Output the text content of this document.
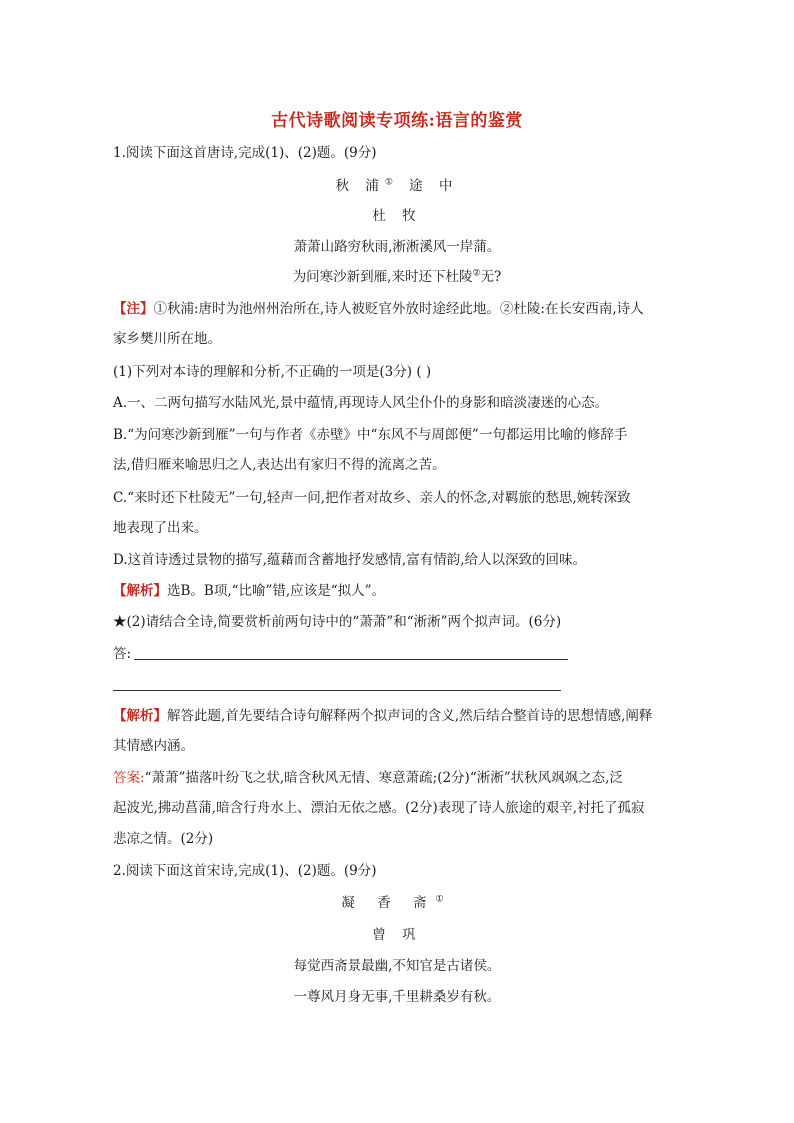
古代诗歌阅读专项练:语言的鉴赏
1.阅读下面这首唐诗,完成(1)、(2)题。(9分)
秋 浦① 途 中
杜 牧
萧萧山路穷秋雨,淅淅溪风一岸蒲。
为问寒沙新到雁,来时还下杜陵②无?
【注】①秋浦:唐时为池州州治所在,诗人被贬官外放时途经此地。②杜陵:在长安西南,诗人
家乡樊川所在地。
(1)下列对本诗的理解和分析,不正确的一项是(3分) ( )
A.一、二两句描写水陆风光,景中蕴情,再现诗人风尘仆仆的身影和暗淡凄迷的心态。
B.“为问寒沙新到雁”一句与作者《赤壁》中“东风不与周郎便”一句都运用比喻的修辞手
法,借归雁来喻思归之人,表达出有家归不得的流离之苦。
C.“来时还下杜陵无”一句,轻声一问,把作者对故乡、亲人的怀念,对羁旅的愁思,婉转深致
地表现了出来。
D.这首诗透过景物的描写,蕴藉而含蓄地抒发感情,富有情韵,给人以深致的回味。
【解析】选B。B项,“比喻”错,应该是“拟人”。
★(2)请结合全诗,简要赏析前两句诗中的“萧萧”和“淅淅”两个拟声词。(6分)
答:
【解析】解答此题,首先要结合诗句解释两个拟声词的含义,然后结合整首诗的思想情感,阐释
其情感内涵。
答案:“萧萧”描落叶纷飞之状,暗含秋风无情、寒意萧疏;(2分)“淅淅”状秋风飒飒之态,泛
起波光,拂动菖蒲,暗含行舟水上、漂泊无依之感。(2分)表现了诗人旅途的艰辛,衬托了孤寂
悲凉之情。(2分)
2.阅读下面这首宋诗,完成(1)、(2)题。(9分)
凝 香 斋①
曾 巩
每觉西斋景最幽,不知官是古诸侯。
一尊风月身无事,千里耕桑岁有秋。
